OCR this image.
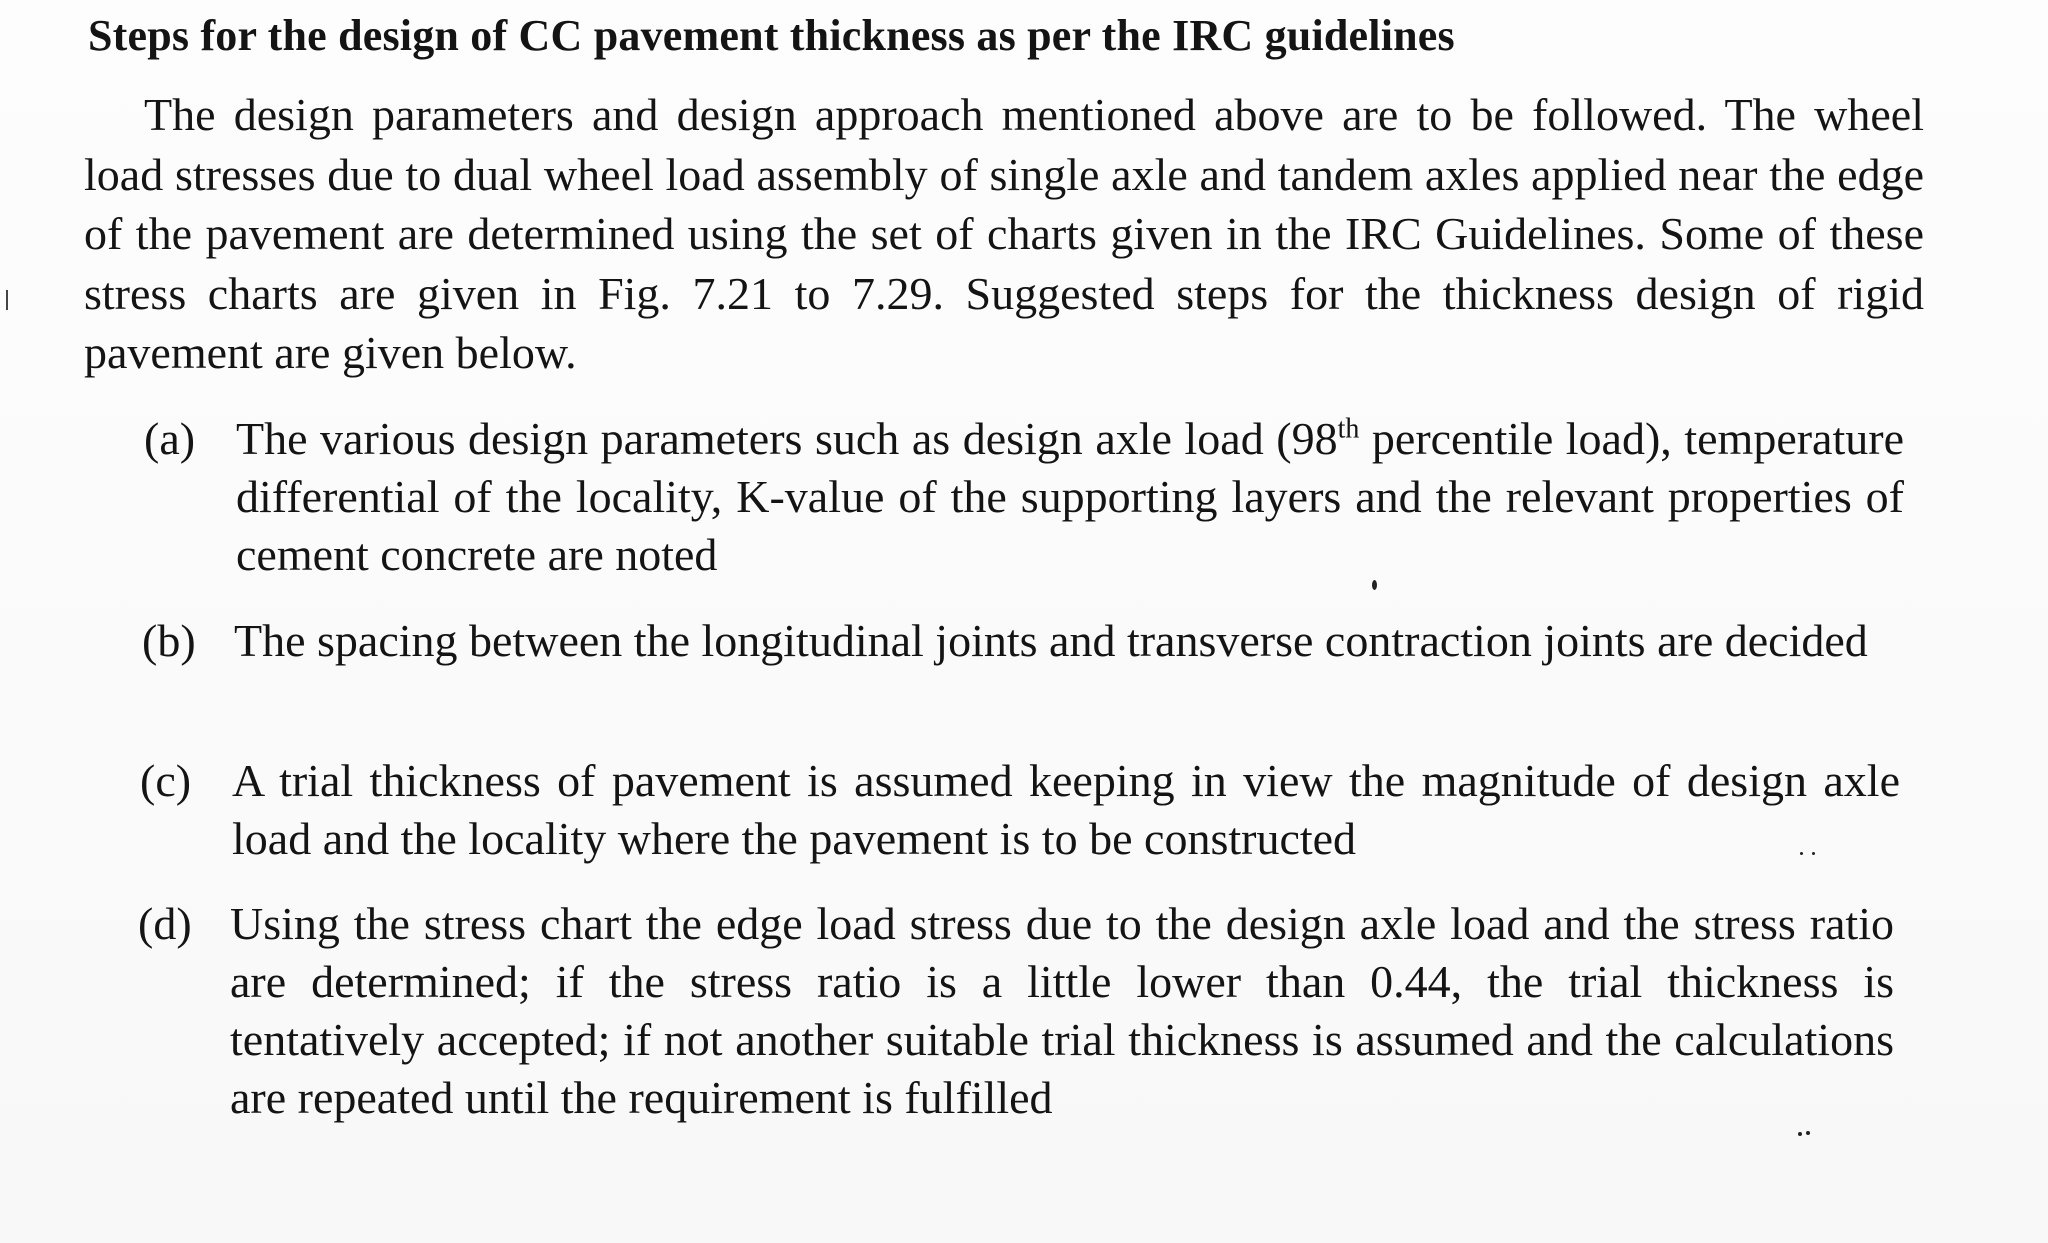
Steps for the design of CC pavement thickness as per the IRC guidelines

The design parameters and design approach mentioned above are to be followed. The wheel load stresses due to dual wheel load assembly of single axle and tandem axles applied near the edge of the pavement are determined using the set of charts given in the IRC Guidelines. Some of these stress charts are given in Fig. 7.21 to 7.29. Suggested steps for the thickness design of rigid pavement are given below.

(a) The various design parameters such as design axle load (98th percentile load), temperature differential of the locality, K-value of the supporting layers and the relevant properties of cement concrete are noted
(b) The spacing between the longitudinal joints and transverse contraction joints are decided
(c) A trial thickness of pavement is assumed keeping in view the magnitude of design axle load and the locality where the pavement is to be constructed
(d) Using the stress chart the edge load stress due to the design axle load and the stress ratio are determined; if the stress ratio is a little lower than 0.44, the trial thickness is tentatively accepted; if not another suitable trial thickness is assumed and the calculations are repeated until the requirement is fulfilled
